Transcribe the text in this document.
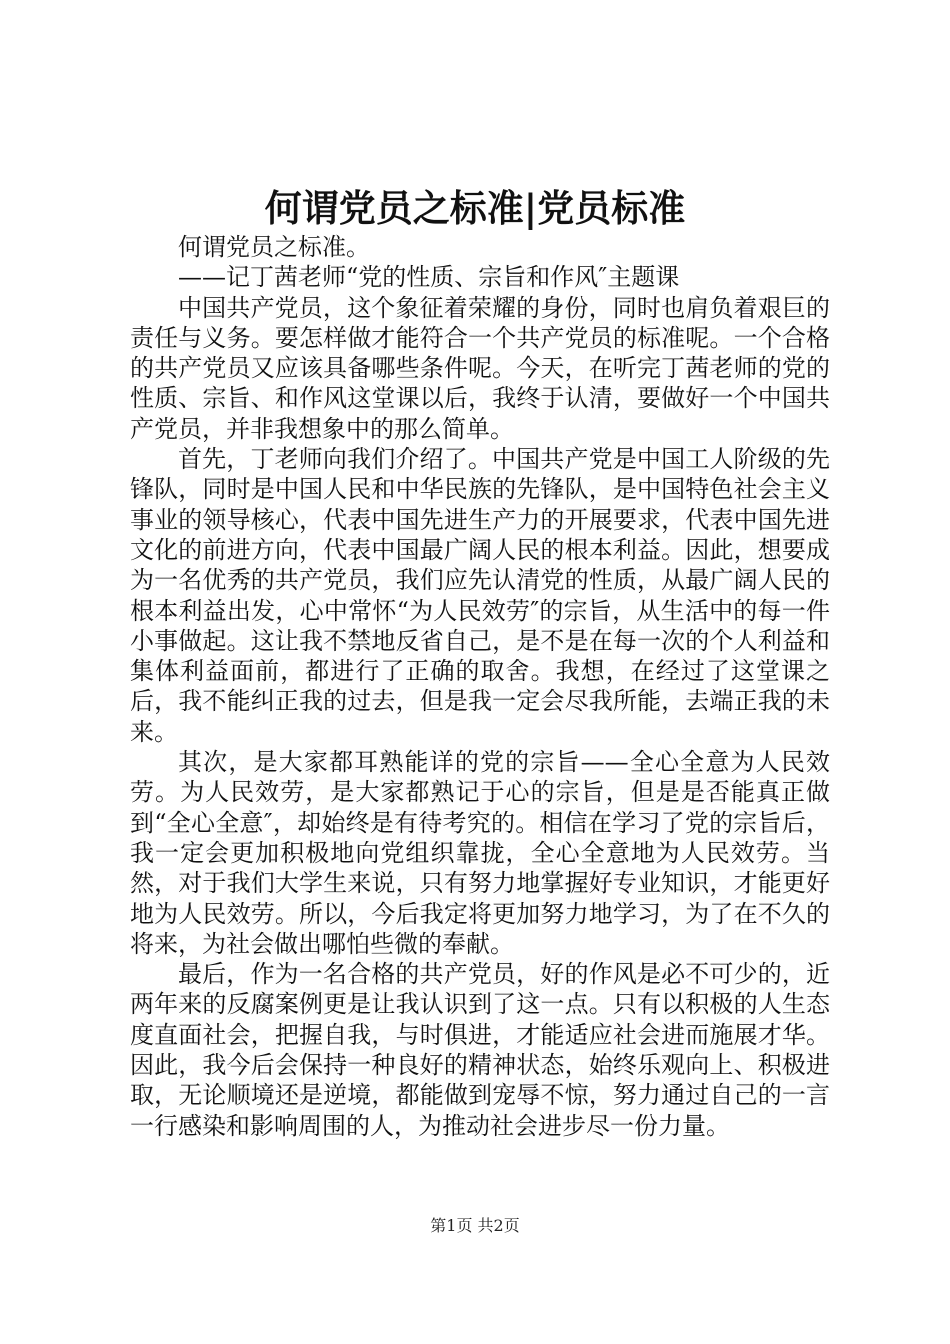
何谓党员之标准|党员标准

何谓党员之标准。

——记丁茜老师“党的性质、宗旨和作风″主题课

中国共产党员，这个象征着荣耀的身份，同时也肩负着艰巨的责任与义务。要怎样做才能符合一个共产党员的标准呢。一个合格的共产党员又应该具备哪些条件呢。今天，在听完丁茜老师的党的性质、宗旨、和作风这堂课以后，我终于认清，要做好一个中国共产党员，并非我想象中的那么简单。

首先，丁老师向我们介绍了。中国共产党是中国工人阶级的先锋队，同时是中国人民和中华民族的先锋队，是中国特色社会主义事业的领导核心，代表中国先进生产力的开展要求，代表中国先进文化的前进方向，代表中国最广阔人民的根本利益。因此，想要成为一名优秀的共产党员，我们应先认清党的性质，从最广阔人民的根本利益出发，心中常怀“为人民效劳″的宗旨，从生活中的每一件小事做起。这让我不禁地反省自己，是不是在每一次的个人利益和集体利益面前，都进行了正确的取舍。我想，在经过了这堂课之后，我不能纠正我的过去，但是我一定会尽我所能，去端正我的未来。

其次，是大家都耳熟能详的党的宗旨——全心全意为人民效劳。为人民效劳，是大家都熟记于心的宗旨，但是是否能真正做到“全心全意″，却始终是有待考究的。相信在学习了党的宗旨后，我一定会更加积极地向党组织靠拢，全心全意地为人民效劳。当然，对于我们大学生来说，只有努力地掌握好专业知识，才能更好地为人民效劳。所以，今后我定将更加努力地学习，为了在不久的将来，为社会做出哪怕些微的奉献。

最后，作为一名合格的共产党员，好的作风是必不可少的，近两年来的反腐案例更是让我认识到了这一点。只有以积极的人生态度直面社会，把握自我，与时俱进，才能适应社会进而施展才华。因此，我今后会保持一种良好的精神状态，始终乐观向上、积极进取，无论顺境还是逆境，都能做到宠辱不惊，努力通过自己的一言一行感染和影响周围的人，为推动社会进步尽一份力量。

第1页 共2页
